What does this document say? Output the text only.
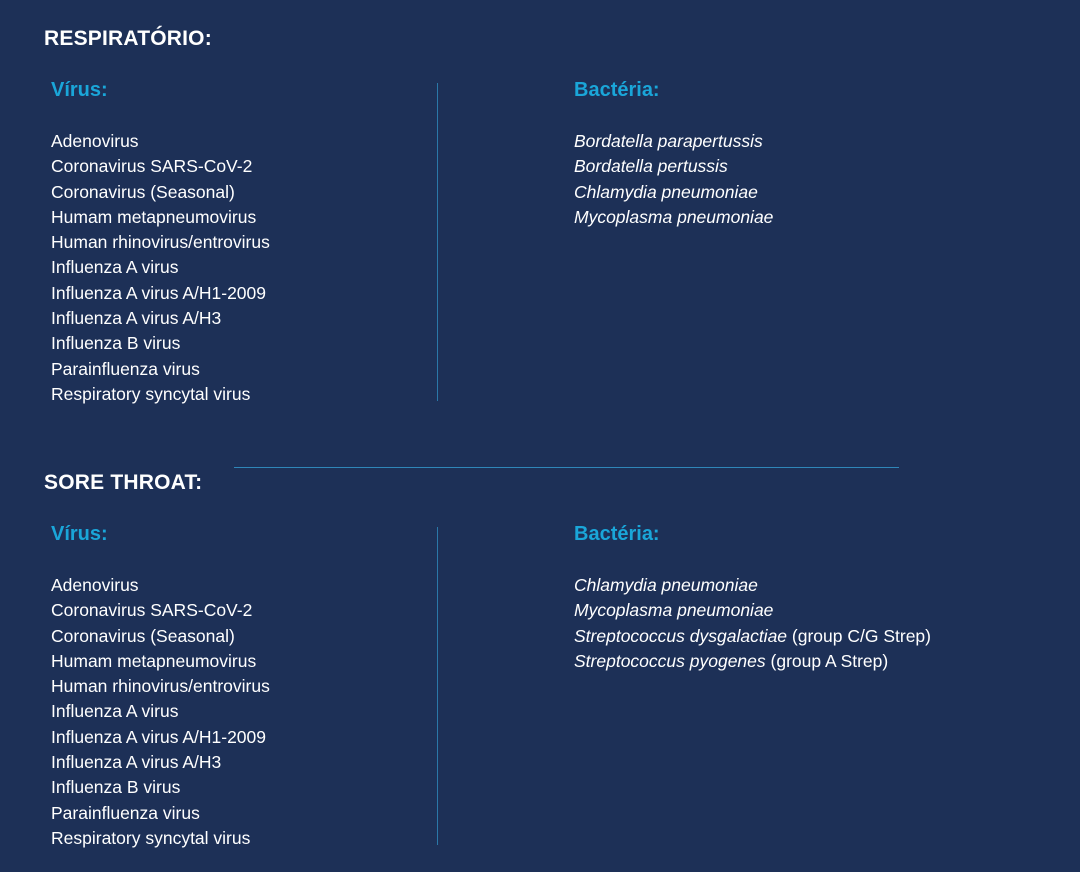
RESPIRATÓRIO:
Vírus:
Adenovirus
Coronavirus SARS-CoV-2
Coronavirus (Seasonal)
Humam metapneumovirus
Human rhinovirus/entrovirus
Influenza A virus
Influenza A virus A/H1-2009
Influenza A virus A/H3
Influenza B virus
Parainfluenza virus
Respiratory syncytal virus
Bactéria:
Bordatella parapertussis
Bordatella pertussis
Chlamydia pneumoniae
Mycoplasma pneumoniae
SORE THROAT:
Vírus:
Adenovirus
Coronavirus SARS-CoV-2
Coronavirus (Seasonal)
Humam metapneumovirus
Human rhinovirus/entrovirus
Influenza A virus
Influenza A virus A/H1-2009
Influenza A virus A/H3
Influenza B virus
Parainfluenza virus
Respiratory syncytal virus
Bactéria:
Chlamydia pneumoniae
Mycoplasma pneumoniae
Streptococcus dysgalactiae (group C/G Strep)
Streptococcus pyogenes (group A Strep)
